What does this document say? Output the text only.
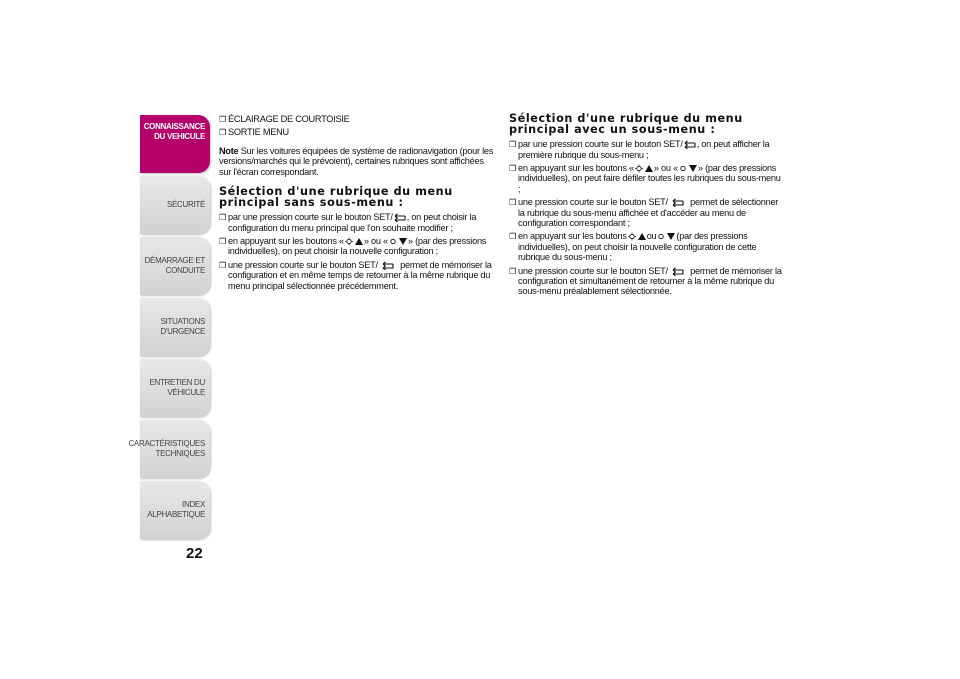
CONNAISSANCE
DU VEHICULE
SÉCURITÉ
DÉMARRAGE ET
CONDUITE
SITUATIONS
D'URGENCE
ENTRETIEN DU
VÉHICULE
CARACTÉRISTIQUES
TECHNIQUES
INDEX
ALPHABETIQUE
22

❒ ÉCLAIRAGE DE COURTOISIE

❒ SORTIE MENU

Note Sur les voitures équipées de système de radionavigation (pour les versions/marchés qui le prévoient), certaines rubriques sont affichées sur l'écran correspondant.

Sélection d'une rubrique du menu principal sans sous-menu :

❒ par une pression courte sur le bouton SET/ , on peut choisir la configuration du menu principal que l'on souhaite modifier ;

❒ en appuyant sur les boutons « » ou « » (par des pressions individuelles), on peut choisir la nouvelle configuration ;

❒ une pression courte sur le bouton SET/ permet de mémoriser la configuration et en même temps de retourner à la même rubrique du menu principal sélectionnée précédemment.

Sélection d'une rubrique du menu principal avec un sous-menu :

❒ par une pression courte sur le bouton SET/ , on peut afficher la première rubrique du sous-menu ;

❒ en appuyant sur les boutons « » ou « » (par des pressions individuelles), on peut faire défiler toutes les rubriques du sous-menu ;

❒ une pression courte sur le bouton SET/ permet de sélectionner la rubrique du sous-menu affichée et d'accéder au menu de configuration correspondant ;

❒ en appuyant sur les boutons ou (par des pressions individuelles), on peut choisir la nouvelle configuration de cette rubrique du sous-menu ;

❒ une pression courte sur le bouton SET/ permet de mémoriser la configuration et simultanément de retourner à la même rubrique du sous-menu préalablement sélectionnée.
